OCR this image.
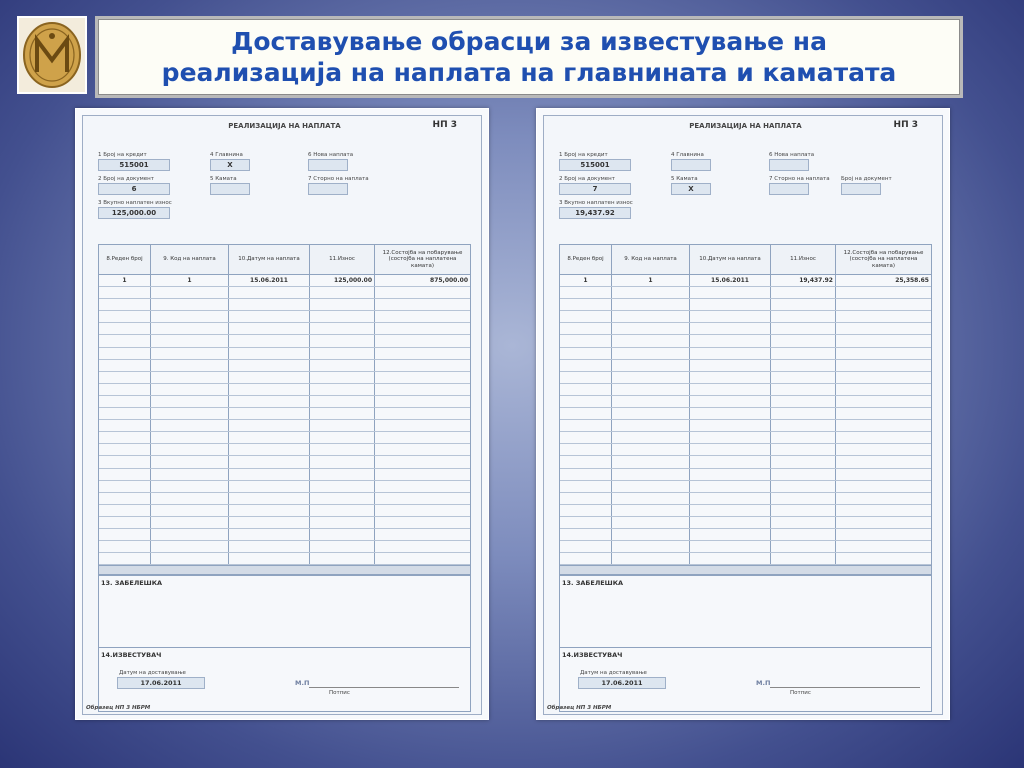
Доставување обрасци за известување на
реализација на наплата на главнината и каматата
РЕАЛИЗАЦИЈА НА НАПЛАТА	НП 3
1 Број на кредит
515001
2 Број на документ
6
3 Вкупно наплатен износ
125,000.00
4 Главнина
X
5 Камата
6 Нова наплата
7 Сторно на наплата
8.Реден број	9. Код на наплата	10.Датум на наплата	11.Износ
12.Состојба на побарување (состојба на наплатена камата)
1	1	15.06.2011	125,000.00	875,000.00
13. ЗАБЕЛЕШКА
14.ИЗВЕСТУВАЧ
Датум на доставување
17.06.2011	М.П
Потпис
Образец НП 3 НБРМ
РЕАЛИЗАЦИЈА НА НАПЛАТА	НП 3
1 Број на кредит
515001
2 Број на документ
7
3 Вкупно наплатен износ
19,437.92
4 Главнина
5 Камата
X
6 Нова наплата
7 Сторно на наплата Број на документ
8.Реден број	9. Код на наплата	10.Датум на наплата	11.Износ
12.Состојба на побарување (состојба на наплатена камата)
1	1	15.06.2011	19,437.92	25,358.65
13. ЗАБЕЛЕШКА
14.ИЗВЕСТУВАЧ
Датум на доставување
17.06.2011	М.П
Потпис
Образец НП 3 НБРМ
